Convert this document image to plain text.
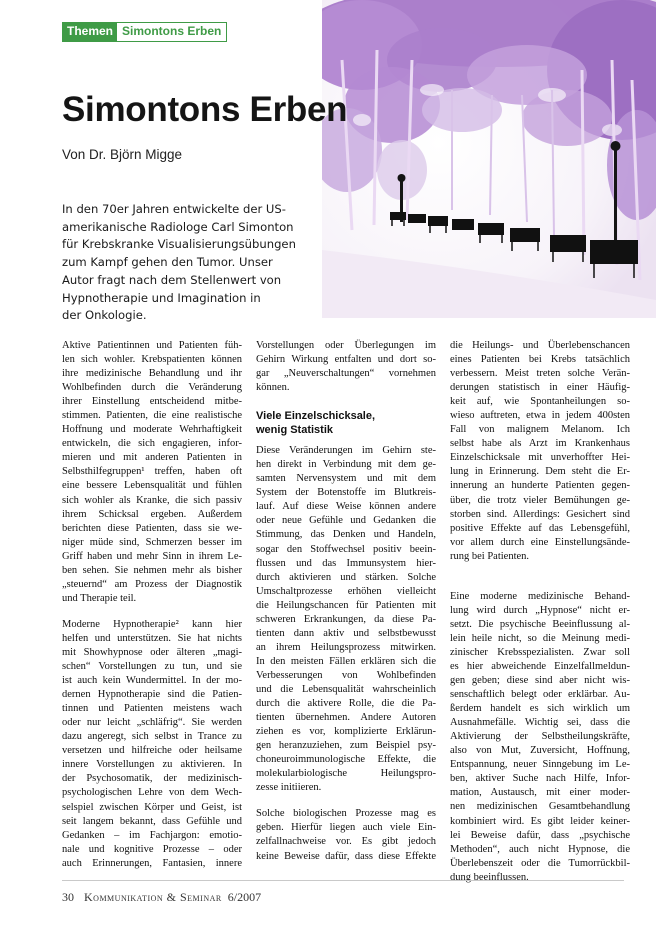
Themen Simontons Erben
Simontons Erben
Von Dr. Björn Migge
In den 70er Jahren entwickelte der US-
amerikanische Radiologe Carl Simonton
für Krebskranke Visualisierungsübungen
zum Kampf gehen den Tumor. Unser
Autor fragt nach dem Stellenwert von
Hypnotherapie und Imagination in
der Onkologie.
Aktive Patientinnen und Patienten füh-
len sich wohler. Krebspatienten können
ihre medizinische Behandlung und ihr
Wohlbefinden durch die Veränderung
ihrer Einstellung entscheidend mitbe-
stimmen. Patienten, die eine realistische
Hoffnung und moderate Wehrhaftigkeit
entwickeln, die sich engagieren, infor-
mieren und mit anderen Patienten in
Selbsthilfegruppen¹ treffen, haben oft
eine bessere Lebensqualität und fühlen
sich wohler als Kranke, die sich passiv
ihrem Schicksal ergeben. Außerdem
berichten diese Patienten, dass sie we-
niger müde sind, Schmerzen besser im
Griff haben und mehr Sinn in ihrem Le-
ben sehen. Sie nehmen mehr als bisher
„steuernd“ am Prozess der Diagnostik
und Therapie teil.
Moderne Hypnotherapie² kann hier
helfen und unterstützen. Sie hat nichts
mit Showhypnose oder älteren „magi-
schen“ Vorstellungen zu tun, und sie
ist auch kein Wundermittel. In der mo-
dernen Hypnotherapie sind die Patien-
tinnen und Patienten meistens wach
oder nur leicht „schläfrig“. Sie werden
dazu angeregt, sich selbst in Trance zu
versetzen und hilfreiche oder heilsame
innere Vorstellungen zu aktivieren. In
der Psychosomatik, der medizinisch-
psychologischen Lehre von dem Wech-
selspiel zwischen Körper und Geist, ist
seit langem bekannt, dass Gefühle und
Gedanken – im Fachjargon: emotio-
nale und kognitive Prozesse – oder
auch Erinnerungen, Fantasien, innere
Vorstellungen oder Überlegungen im
Gehirn Wirkung entfalten und dort so-
gar „Neuverschaltungen“ vornehmen
können.
Viele Einzelschicksale,
wenig Statistik
Diese Veränderungen im Gehirn ste-
hen direkt in Verbindung mit dem ge-
samten Nervensystem und mit dem
System der Botenstoffe im Blutkreis-
lauf. Auf diese Weise können andere
oder neue Gefühle und Gedanken die
Stimmung, das Denken und Handeln,
sogar den Stoffwechsel positiv beein-
flussen und das Immunsystem hier-
durch aktivieren und stärken. Solche
Umschaltprozesse erhöhen vielleicht
die Heilungschancen für Patienten mit
schweren Erkrankungen, da diese Pa-
tienten dann aktiv und selbstbewusst
an ihrem Heilungsprozess mitwirken.
In den meisten Fällen erklären sich die
Verbesserungen von Wohlbefinden
und die Lebensqualität wahrscheinlich
durch die aktivere Rolle, die die Pa-
tienten übernehmen. Andere Autoren
ziehen es vor, komplizierte Erklärun-
gen heranzuziehen, zum Beispiel psy-
choneuroimmunologische Effekte, die
molekularbiologische Heilungspro-
zesse initiieren.
Solche biologischen Prozesse mag es
geben. Hierfür liegen auch viele Ein-
zelfallnachweise vor. Es gibt jedoch
keine Beweise dafür, dass diese Effekte
die Heilungs- und Überlebenschancen
eines Patienten bei Krebs tatsächlich
verbessern. Meist treten solche Verän-
derungen statistisch in einer Häufig-
keit auf, wie Spontanheilungen so-
wieso auftreten, etwa in jedem 400sten
Fall von malignem Melanom. Ich
selbst habe als Arzt im Krankenhaus
Einzelschicksale mit unverhoffter Hei-
lung in Erinnerung. Dem steht die Er-
innerung an hunderte Patienten gegen-
über, die trotz vieler Bemühungen ge-
storben sind. Allerdings: Gesichert sind
positive Effekte auf das Lebensgefühl,
vor allem durch eine Einstellungsände-
rung bei Patienten.
Eine moderne medizinische Behand-
lung wird durch „Hypnose“ nicht er-
setzt. Die psychische Beeinflussung al-
lein heile nicht, so die Meinung medi-
zinischer Krebsspezialisten. Zwar soll
es hier abweichende Einzelfallmeldun-
gen geben; diese sind aber nicht wis-
senschaftlich belegt oder erklärbar. Au-
ßerdem handelt es sich wirklich um
Ausnahmefälle. Wichtig sei, dass die
Aktivierung der Selbstheilungskräfte,
also von Mut, Zuversicht, Hoffnung,
Entspannung, neuer Sinngebung im Le-
ben, aktiver Suche nach Hilfe, Infor-
mation, Austausch, mit einer moder-
nen medizinischen Gesamtbehandlung
kombiniert wird. Es gibt leider keiner-
lei Beweise dafür, dass „psychische
Methoden“, auch nicht Hypnose, die
Überlebenszeit oder die Tumorrückbil-
dung beeinflussen.
30 Kommunikation & Seminar 6/2007
